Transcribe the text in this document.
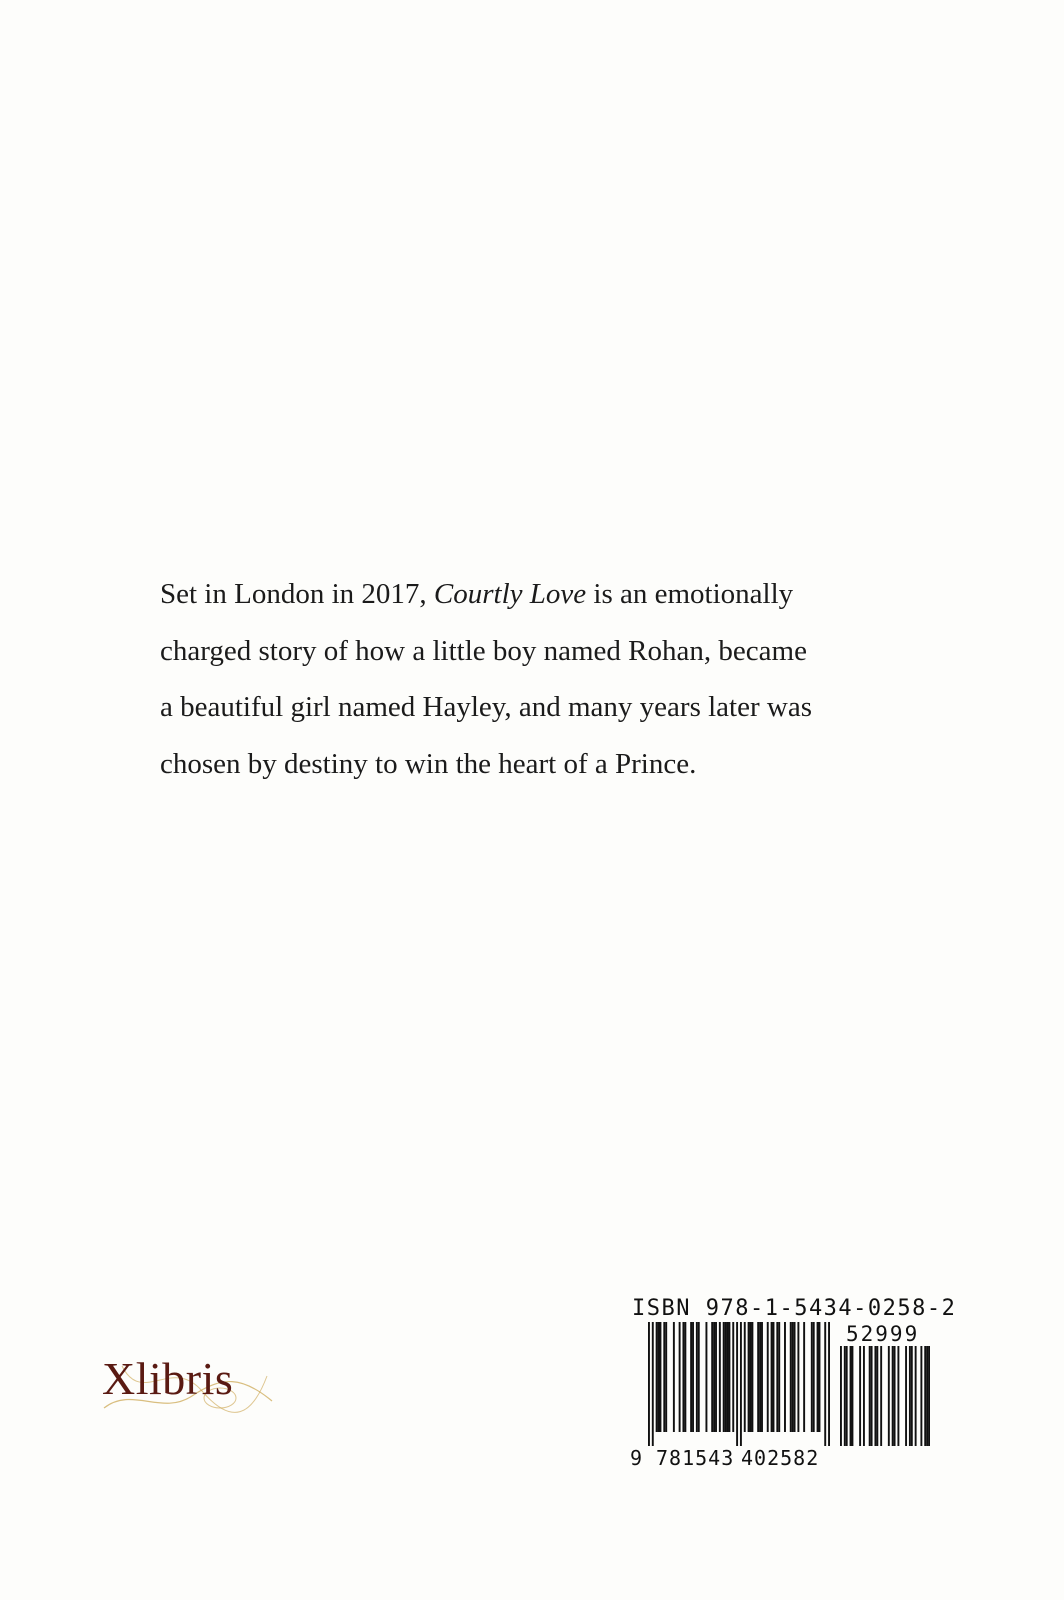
Set in London in 2017, Courtly Love is an emotionally

charged story of how a little boy named Rohan, became

a beautiful girl named Hayley, and many years later was

chosen by destiny to win the heart of a Prince.

Xlibris
ISBN 978-1-5434-0258-2
52999
9 781543 402582
